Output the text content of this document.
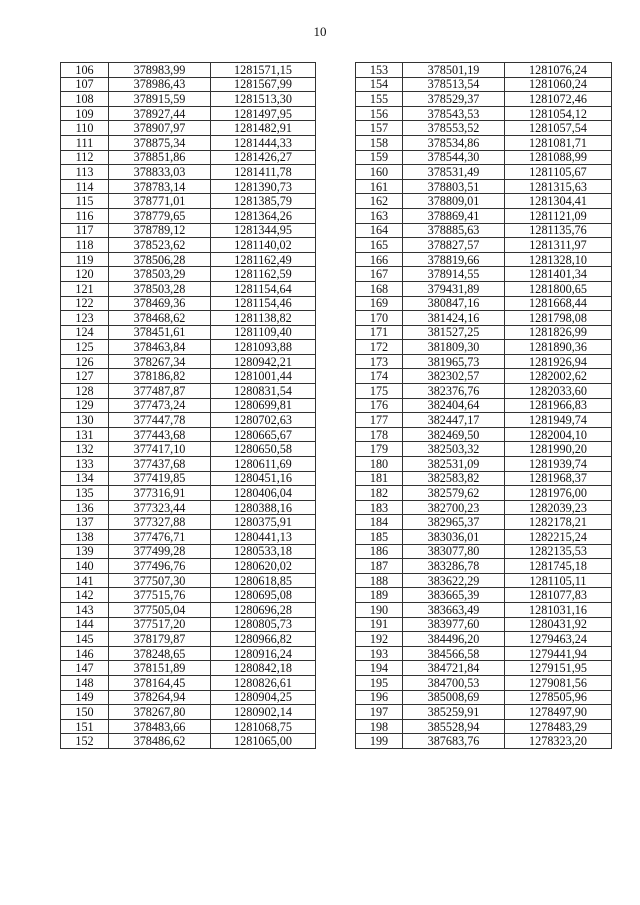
10
106	378983,99	1281571,15
107	378986,43	1281567,99
108	378915,59	1281513,30
109	378927,44	1281497,95
110	378907,97	1281482,91
111	378875,34	1281444,33
112	378851,86	1281426,27
113	378833,03	1281411,78
114	378783,14	1281390,73
115	378771,01	1281385,79
116	378779,65	1281364,26
117	378789,12	1281344,95
118	378523,62	1281140,02
119	378506,28	1281162,49
120	378503,29	1281162,59
121	378503,28	1281154,64
122	378469,36	1281154,46
123	378468,62	1281138,82
124	378451,61	1281109,40
125	378463,84	1281093,88
126	378267,34	1280942,21
127	378186,82	1281001,44
128	377487,87	1280831,54
129	377473,24	1280699,81
130	377447,78	1280702,63
131	377443,68	1280665,67
132	377417,10	1280650,58
133	377437,68	1280611,69
134	377419,85	1280451,16
135	377316,91	1280406,04
136	377323,44	1280388,16
137	377327,88	1280375,91
138	377476,71	1280441,13
139	377499,28	1280533,18
140	377496,76	1280620,02
141	377507,30	1280618,85
142	377515,76	1280695,08
143	377505,04	1280696,28
144	377517,20	1280805,73
145	378179,87	1280966,82
146	378248,65	1280916,24
147	378151,89	1280842,18
148	378164,45	1280826,61
149	378264,94	1280904,25
150	378267,80	1280902,14
151	378483,66	1281068,75
152	378486,62	1281065,00
153	378501,19	1281076,24
154	378513,54	1281060,24
155	378529,37	1281072,46
156	378543,53	1281054,12
157	378553,52	1281057,54
158	378534,86	1281081,71
159	378544,30	1281088,99
160	378531,49	1281105,67
161	378803,51	1281315,63
162	378809,01	1281304,41
163	378869,41	1281121,09
164	378885,63	1281135,76
165	378827,57	1281311,97
166	378819,66	1281328,10
167	378914,55	1281401,34
168	379431,89	1281800,65
169	380847,16	1281668,44
170	381424,16	1281798,08
171	381527,25	1281826,99
172	381809,30	1281890,36
173	381965,73	1281926,94
174	382302,57	1282002,62
175	382376,76	1282033,60
176	382404,64	1281966,83
177	382447,17	1281949,74
178	382469,50	1282004,10
179	382503,32	1281990,20
180	382531,09	1281939,74
181	382583,82	1281968,37
182	382579,62	1281976,00
183	382700,23	1282039,23
184	382965,37	1282178,21
185	383036,01	1282215,24
186	383077,80	1282135,53
187	383286,78	1281745,18
188	383622,29	1281105,11
189	383665,39	1281077,83
190	383663,49	1281031,16
191	383977,60	1280431,92
192	384496,20	1279463,24
193	384566,58	1279441,94
194	384721,84	1279151,95
195	384700,53	1279081,56
196	385008,69	1278505,96
197	385259,91	1278497,90
198	385528,94	1278483,29
199	387683,76	1278323,20
